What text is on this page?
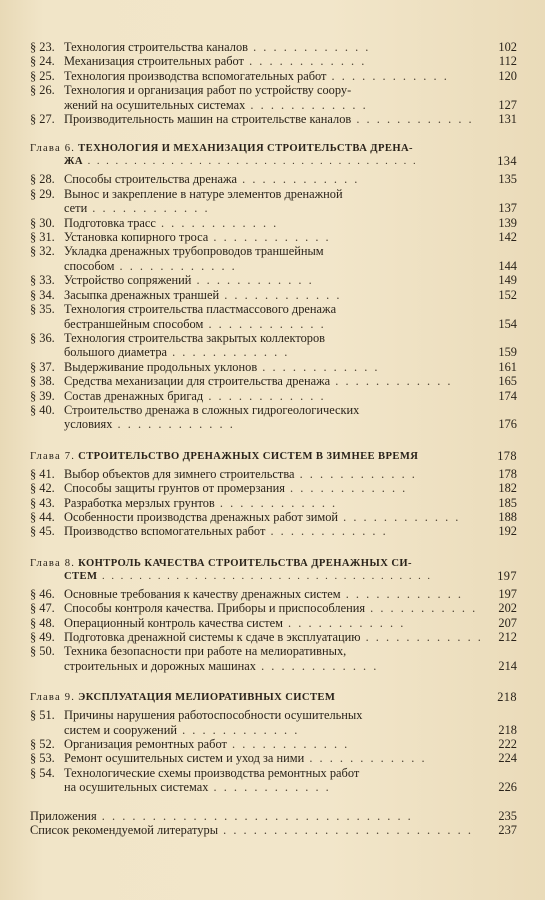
§ 23. Технология строительства каналов . . . . . . . . . . . .	102
§ 24. Механизация строительных работ . . . . . . . . . . . .	112
§ 25. Технология производства вспомогательных работ . . . . . . . . . . . .	120
§ 26. Технология и организация работ по устройству соору-
жений на осушительных системах . . . . . . . . . . . .	127
§ 27. Производительность машин на строительстве каналов . . . . . . . . . . . .	131
Глава 6. ТЕХНОЛОГИЯ И МЕХАНИЗАЦИЯ СТРОИТЕЛЬСТВА ДРЕНА-
ЖА . . . . . . . . . . . . . . . . . . . . . . . . . . . . . . . . . . . .	134
§ 28. Способы строительства дренажа . . . . . . . . . . . .	135
§ 29. Вынос и закрепление в натуре элементов дренажной
сети . . . . . . . . . . . .	137
§ 30. Подготовка трасс . . . . . . . . . . . .	139
§ 31. Установка копирного троса . . . . . . . . . . . .	142
§ 32. Укладка дренажных трубопроводов траншейным
способом . . . . . . . . . . . .	144
§ 33. Устройство сопряжений . . . . . . . . . . . .	149
§ 34. Засыпка дренажных траншей . . . . . . . . . . . .	152
§ 35. Технология строительства пластмассового дренажа
бестраншейным способом . . . . . . . . . . . .	154
§ 36. Технология строительства закрытых коллекторов
большого диаметра . . . . . . . . . . . .	159
§ 37. Выдерживание продольных уклонов . . . . . . . . . . . .	161
§ 38. Средства механизации для строительства дренажа . . . . . . . . . . . .	165
§ 39. Состав дренажных бригад . . . . . . . . . . . .	174
§ 40. Строительство дренажа в сложных гидрогеологических
условиях . . . . . . . . . . . .	176
Глава 7. СТРОИТЕЛЬСТВО ДРЕНАЖНЫХ СИСТЕМ В ЗИМНЕЕ ВРЕМЯ	178
§ 41. Выбор объектов для зимнего строительства . . . . . . . . . . . .	178
§ 42. Способы защиты грунтов от промерзания . . . . . . . . . . . .	182
§ 43. Разработка мерзлых грунтов . . . . . . . . . . . .	185
§ 44. Особенности производства дренажных работ зимой . . . . . . . . . . . .	188
§ 45. Производство вспомогательных работ . . . . . . . . . . . .	192
Глава 8. КОНТРОЛЬ КАЧЕСТВА СТРОИТЕЛЬСТВА ДРЕНАЖНЫХ СИ-
СТЕМ . . . . . . . . . . . . . . . . . . . . . . . . . . . . . . . . . . . .	197
§ 46. Основные требования к качеству дренажных систем . . . . . . . . . . . .	197
§ 47. Способы контроля качества. Приборы и приспособления . . . . . . . . . . .	202
§ 48. Операционный контроль качества систем . . . . . . . . . . . .	207
§ 49. Подготовка дренажной системы к сдаче в эксплуатацию . . . . . . . . . . . .	212
§ 50. Техника безопасности при работе на мелиоративных,
строительных и дорожных машинах . . . . . . . . . . . .	214
Глава 9. ЭКСПЛУАТАЦИЯ МЕЛИОРАТИВНЫХ СИСТЕМ	218
§ 51. Причины нарушения работоспособности осушительных
систем и сооружений . . . . . . . . . . . .	218
§ 52. Организация ремонтных работ . . . . . . . . . . . .	222
§ 53. Ремонт осушительных систем и уход за ними . . . . . . . . . . . .	224
§ 54. Технологические схемы производства ремонтных работ
на осушительных системах . . . . . . . . . . . .	226
Приложения . . . . . . . . . . . . . . . . . . . . . . . . . . . . . . .	235
Список рекомендуемой литературы . . . . . . . . . . . . . . . . . . . . . . . . .	237
